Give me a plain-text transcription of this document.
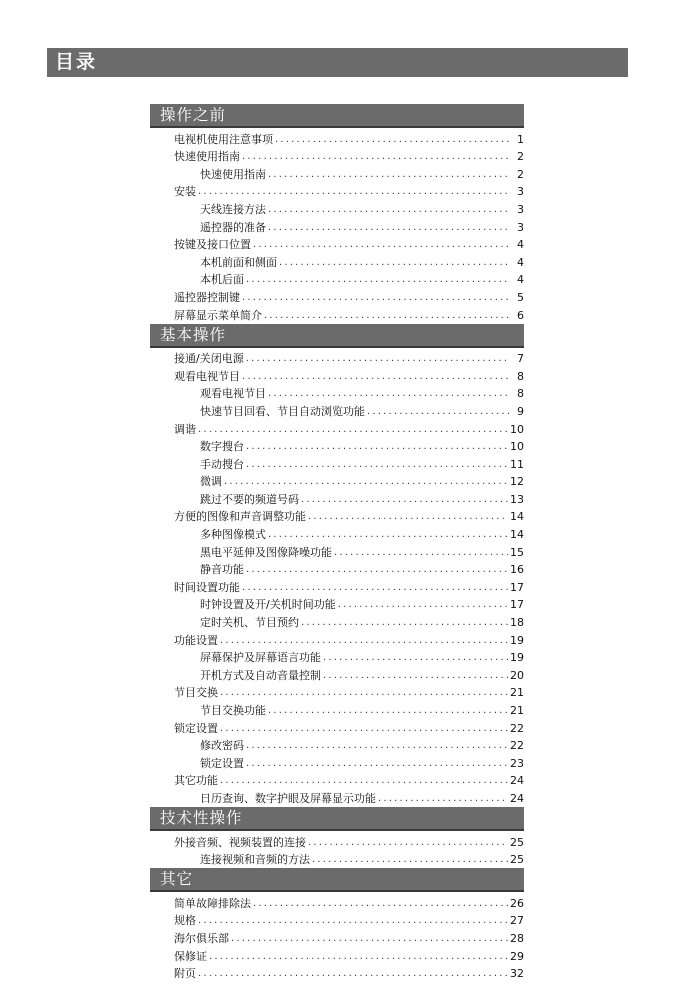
目录
操作之前
电视机使用注意事项 .....	1
快速使用指南 .....	2
快速使用指南 .....	2
安装 .....	3
天线连接方法 .....	3
遥控器的准备 .....	3
按键及接口位置 .....	4
本机前面和侧面 .....	4
本机后面 .....	4
遥控器控制键 .....	5
屏幕显示菜单简介 .....	6
基本操作
接通/关闭电源 .....	7
观看电视节目 .....	8
观看电视节目 .....	8
快速节目回看、节目自动浏览功能 .....	9
调谐 .....	10
数字搜台 .....	10
手动搜台 .....	11
微调 .....	12
跳过不要的频道号码 .....	13
方便的图像和声音调整功能 .....	14
多种图像模式 .....	14
黑电平延伸及图像降噪功能 .....	15
静音功能 .....	16
时间设置功能 .....	17
时钟设置及开/关机时间功能 .....	17
定时关机、节目预约 .....	18
功能设置 .....	19
屏幕保护及屏幕语言功能 .....	19
开机方式及自动音量控制 .....	20
节目交换 .....	21
节目交换功能 .....	21
锁定设置 .....	22
修改密码 .....	22
锁定设置 .....	23
其它功能 .....	24
日历查询、数字护眼及屏幕显示功能 .....	24
技术性操作
外接音频、视频装置的连接 .....	25
连接视频和音频的方法 .....	25
其它
简单故障排除法 .....	26
规格 .....	27
海尔俱乐部 .....	28
保修证 .....	29
附页 .....	32
